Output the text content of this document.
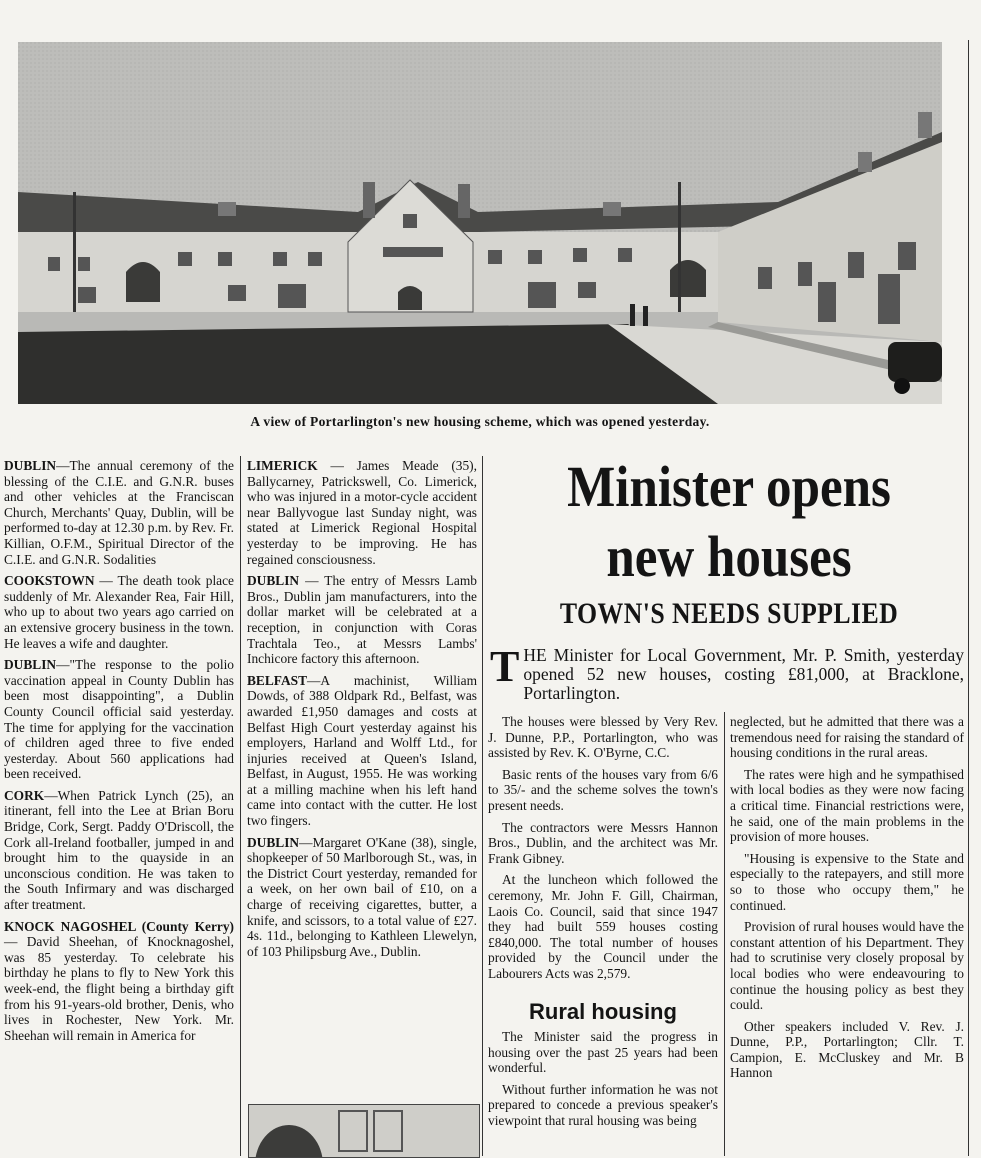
A view of Portarlington's new housing scheme, which was opened yesterday.

DUBLIN—The annual ceremony of the blessing of the C.I.E. and G.N.R. buses and other vehicles at the Franciscan Church, Merchants' Quay, Dublin, will be performed to-day at 12.30 p.m. by Rev. Fr. Killian, O.F.M., Spiritual Director of the C.I.E. and G.N.R. Sodalities

COOKSTOWN — The death took place suddenly of Mr. Alexander Rea, Fair Hill, who up to about two years ago carried on an extensive grocery business in the town. He leaves a wife and daughter.

DUBLIN—"The response to the polio vaccination appeal in County Dublin has been most disappointing", a Dublin County Council official said yesterday. The time for applying for the vaccination of children aged three to five ended yesterday. About 560 applications had been received.

CORK—When Patrick Lynch (25), an itinerant, fell into the Lee at Brian Boru Bridge, Cork, Sergt. Paddy O'Driscoll, the Cork all-Ireland footballer, jumped in and brought him to the quayside in an unconscious condition. He was taken to the South Infirmary and was discharged after treatment.

KNOCK NAGOSHEL (County Kerry) — David Sheehan, of Knocknagoshel, was 85 yesterday. To celebrate his birthday he plans to fly to New York this week-end, the flight being a birthday gift from his 91-years-old brother, Denis, who lives in Rochester, New York. Mr. Sheehan will remain in America for

LIMERICK — James Meade (35), Ballycarney, Patrickswell, Co. Limerick, who was injured in a motor-cycle accident near Ballyvogue last Sunday night, was stated at Limerick Regional Hospital yesterday to be improving. He has regained consciousness.

DUBLIN — The entry of Messrs Lamb Bros., Dublin jam manufacturers, into the dollar market will be celebrated at a reception, in conjunction with Coras Trachtala Teo., at Messrs Lambs' Inchicore factory this afternoon.

BELFAST—A machinist, William Dowds, of 388 Oldpark Rd., Belfast, was awarded £1,950 damages and costs at Belfast High Court yesterday against his employers, Harland and Wolff Ltd., for injuries received at Queen's Island, Belfast, in August, 1955. He was working at a milling machine when his left hand came into contact with the cutter. He lost two fingers.

DUBLIN—Margaret O'Kane (38), single, shopkeeper of 50 Marlborough St., was, in the District Court yesterday, remanded for a week, on her own bail of £10, on a charge of receiving cigarettes, butter, a knife, and scissors, to a total value of £27. 4s. 11d., belonging to Kathleen Llewelyn, of 103 Philipsburg Ave., Dublin.

Minister opens new houses
TOWN'S NEEDS SUPPLIED
THE Minister for Local Government, Mr. P. Smith, yesterday opened 52 new houses, costing £81,000, at Bracklone, Portarlington.

The houses were blessed by Very Rev. J. Dunne, P.P., Portarlington, who was assisted by Rev. K. O'Byrne, C.C.

Basic rents of the houses vary from 6/6 to 35/- and the scheme solves the town's present needs.

The contractors were Messrs Hannon Bros., Dublin, and the architect was Mr. Frank Gibney.

At the luncheon which followed the ceremony, Mr. John F. Gill, Chairman, Laois Co. Council, said that since 1947 they had built 559 houses costing £840,000. The total number of houses provided by the Council under the Labourers Acts was 2,579.

Rural housing

The Minister said the progress in housing over the past 25 years had been wonderful.

Without further information he was not prepared to concede a previous speaker's viewpoint that rural housing was being

neglected, but he admitted that there was a tremendous need for raising the standard of housing conditions in the rural areas.

The rates were high and he sympathised with local bodies as they were now facing a critical time. Financial restrictions were, he said, one of the main problems in the provision of more houses.

"Housing is expensive to the State and especially to the ratepayers, and still more so to those who occupy them," he continued.

Provision of rural houses would have the constant attention of his Department. They had to scrutinise very closely proposal by local bodies who were endeavouring to continue the housing policy as best they could.

Other speakers included V. Rev. J. Dunne, P.P., Portarlington; Cllr. T. Campion, E. McCluskey and Mr. B Hannon
